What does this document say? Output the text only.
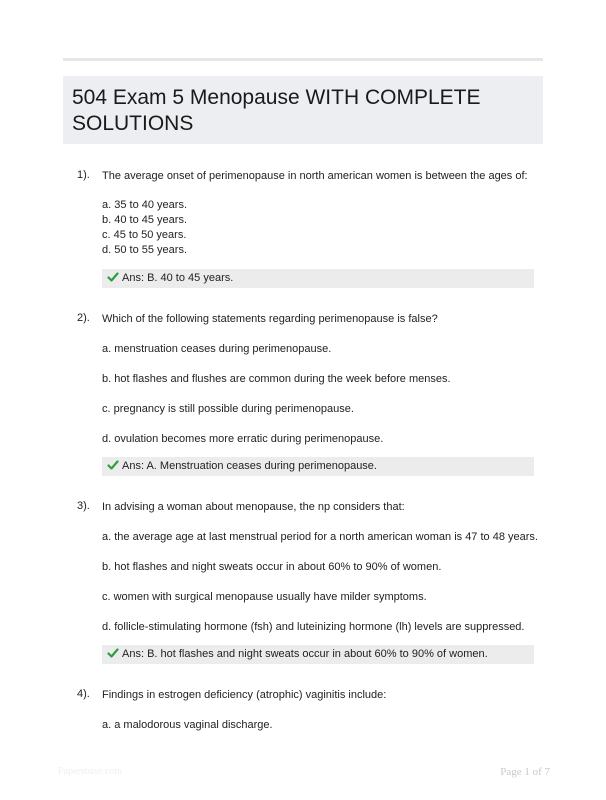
504 Exam 5 Menopause WITH COMPLETE SOLUTIONS
1). The average onset of perimenopause in north american women is between the ages of:
a. 35 to 40 years.
b. 40 to 45 years.
c. 45 to 50 years.
d. 50 to 55 years.
Ans: B. 40 to 45 years.
2). Which of the following statements regarding perimenopause is false?
a. menstruation ceases during perimenopause.
b. hot flashes and flushes are common during the week before menses.
c. pregnancy is still possible during perimenopause.
d. ovulation becomes more erratic during perimenopause.
Ans: A. Menstruation ceases during perimenopause.
3). In advising a woman about menopause, the np considers that:
a. the average age at last menstrual period for a north american woman is 47 to 48 years.
b. hot flashes and night sweats occur in about 60% to 90% of women.
c. women with surgical menopause usually have milder symptoms.
d. follicle-stimulating hormone (fsh) and luteinizing hormone (lh) levels are suppressed.
Ans: B. hot flashes and night sweats occur in about 60% to 90% of women.
4). Findings in estrogen deficiency (atrophic) vaginitis include:
a. a malodorous vaginal discharge.
Papersbase.com	Page 1 of 7
